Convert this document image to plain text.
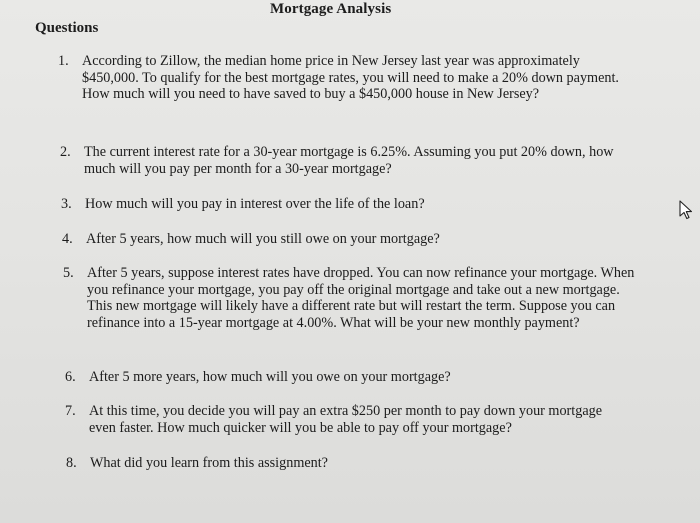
Mortgage Analysis
Questions
1. According to Zillow, the median home price in New Jersey last year was approximately $450,000. To qualify for the best mortgage rates, you will need to make a 20% down payment. How much will you need to have saved to buy a $450,000 house in New Jersey?
2. The current interest rate for a 30-year mortgage is 6.25%. Assuming you put 20% down, how much will you pay per month for a 30-year mortgage?
3. How much will you pay in interest over the life of the loan?
4. After 5 years, how much will you still owe on your mortgage?
5. After 5 years, suppose interest rates have dropped. You can now refinance your mortgage. When you refinance your mortgage, you pay off the original mortgage and take out a new mortgage. This new mortgage will likely have a different rate but will restart the term. Suppose you can refinance into a 15-year mortgage at 4.00%. What will be your new monthly payment?
6. After 5 more years, how much will you owe on your mortgage?
7. At this time, you decide you will pay an extra $250 per month to pay down your mortgage even faster. How much quicker will you be able to pay off your mortgage?
8. What did you learn from this assignment?
